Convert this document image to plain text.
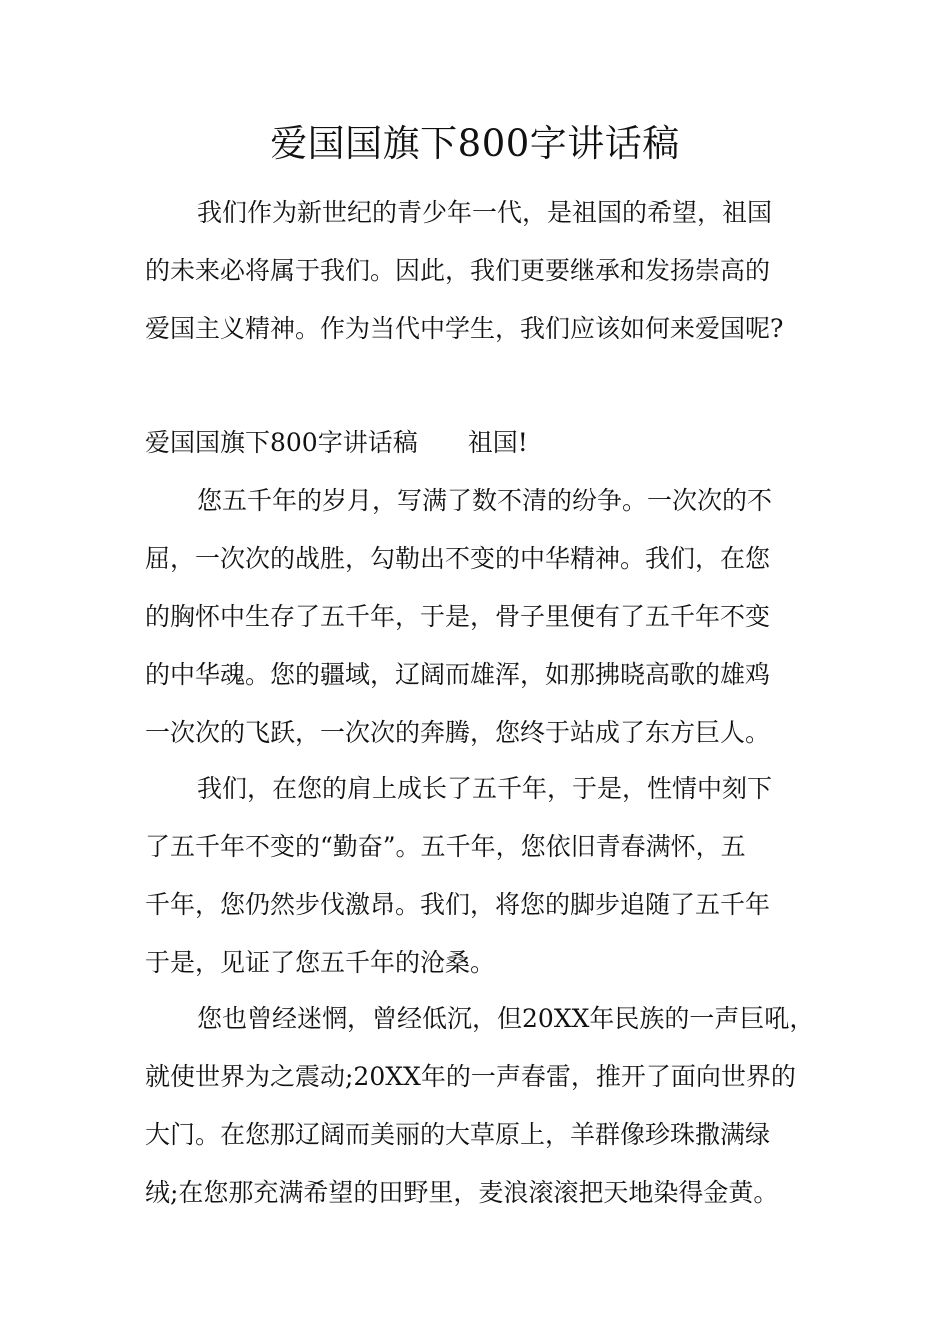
爱国国旗下800字讲话稿

我们作为新世纪的青少年一代，是祖国的希望，祖国
的未来必将属于我们。因此，我们更要继承和发扬崇高的
爱国主义精神。作为当代中学生，我们应该如何来爱国呢?

爱国国旗下800字讲话稿 祖国!

您五千年的岁月，写满了数不清的纷争。一次次的不
屈，一次次的战胜，勾勒出不变的中华精神。我们，在您
的胸怀中生存了五千年，于是，骨子里便有了五千年不变
的中华魂。您的疆域，辽阔而雄浑，如那拂晓高歌的雄鸡
一次次的飞跃，一次次的奔腾，您终于站成了东方巨人。

我们，在您的肩上成长了五千年，于是，性情中刻下
了五千年不变的“勤奋”。五千年，您依旧青春满怀，五
千年，您仍然步伐激昂。我们，将您的脚步追随了五千年
于是，见证了您五千年的沧桑。

您也曾经迷惘，曾经低沉，但20XX年民族的一声巨吼，
就使世界为之震动;20XX年的一声春雷，推开了面向世界的
大门。在您那辽阔而美丽的大草原上，羊群像珍珠撒满绿
绒;在您那充满希望的田野里，麦浪滚滚把天地染得金黄。
